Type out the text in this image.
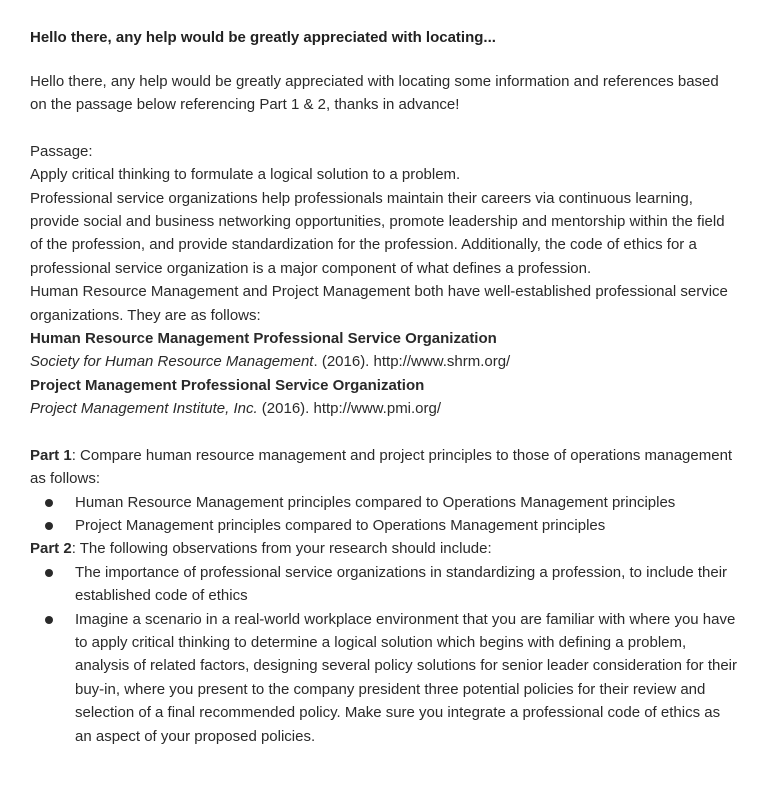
Hello there, any help would be greatly appreciated with locating...

Hello there, any help would be greatly appreciated with locating some information and references based on the passage below referencing Part 1 & 2, thanks in advance!

Passage:

Apply critical thinking to formulate a logical solution to a problem.

Professional service organizations help professionals maintain their careers via continuous learning, provide social and business networking opportunities, promote leadership and mentorship within the field of the profession, and provide standardization for the profession. Additionally, the code of ethics for a professional service organization is a major component of what defines a profession.

Human Resource Management and Project Management both have well-established professional service organizations. They are as follows:

Human Resource Management Professional Service Organization

Society for Human Resource Management. (2016). http://www.shrm.org/

Project Management Professional Service Organization

Project Management Institute, Inc. (2016). http://www.pmi.org/

Part 1: Compare human resource management and project principles to those of operations management as follows:

Human Resource Management principles compared to Operations Management principles
Project Management principles compared to Operations Management principles

Part 2: The following observations from your research should include:

The importance of professional service organizations in standardizing a profession, to include their established code of ethics
Imagine a scenario in a real-world workplace environment that you are familiar with where you have to apply critical thinking to determine a logical solution which begins with defining a problem, analysis of related factors, designing several policy solutions for senior leader consideration for their buy-in, where you present to the company president three potential policies for their review and selection of a final recommended policy. Make sure you integrate a professional code of ethics as an aspect of your proposed policies.
